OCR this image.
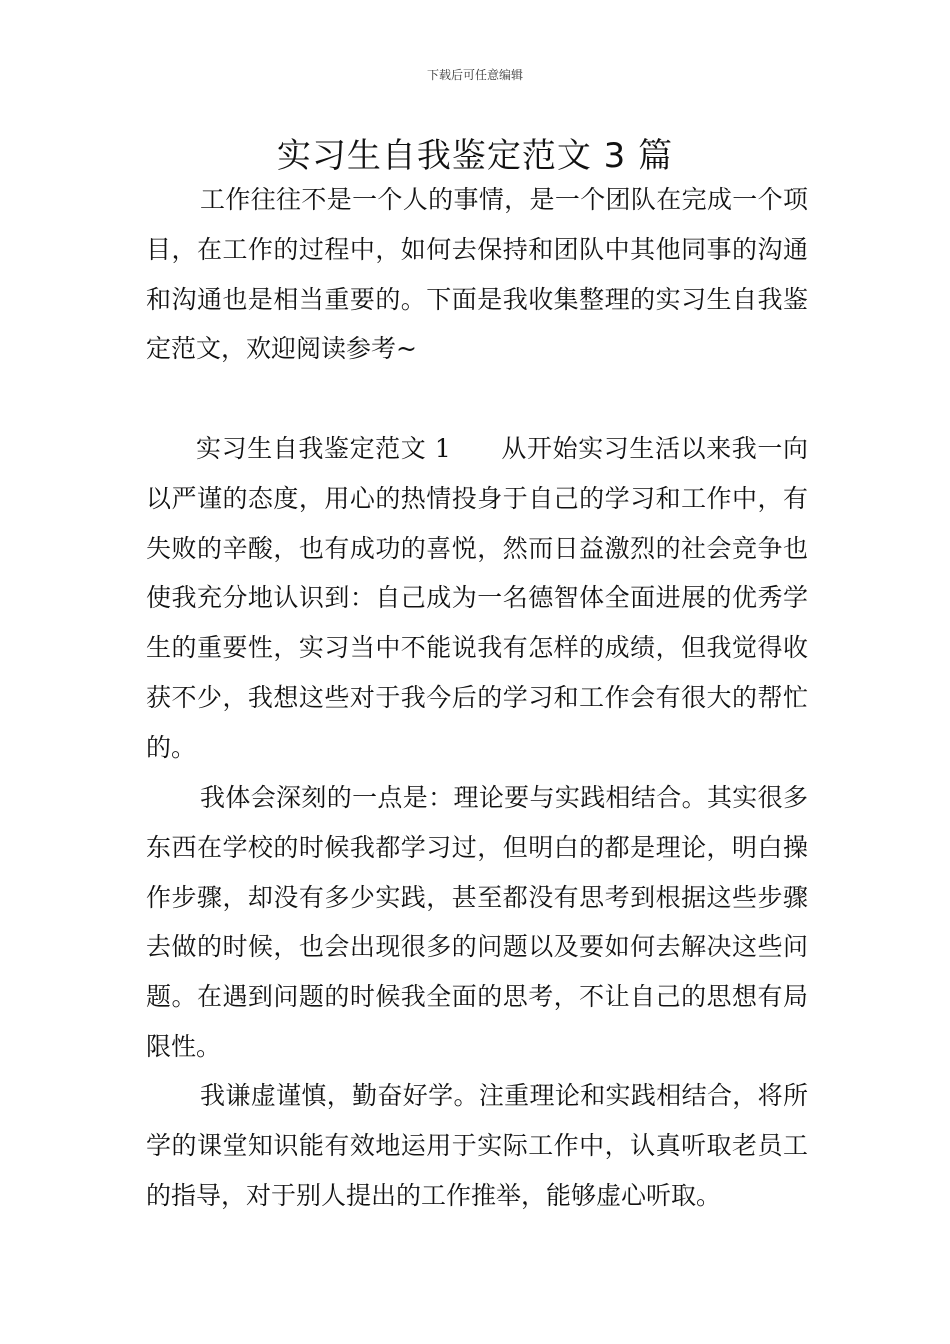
下载后可任意编辑
实习生自我鉴定范文 3 篇

工作往往不是一个人的事情，是一个团队在完成一个项目，在工作的过程中，如何去保持和团队中其他同事的沟通和沟通也是相当重要的。下面是我收集整理的实习生自我鉴定范文，欢迎阅读参考~

实习生自我鉴定范文 1   从开始实习生活以来我一向以严谨的态度，用心的热情投身于自己的学习和工作中，有失败的辛酸，也有成功的喜悦，然而日益激烈的社会竞争也使我充分地认识到：自己成为一名德智体全面进展的优秀学生的重要性，实习当中不能说我有怎样的成绩，但我觉得收获不少，我想这些对于我今后的学习和工作会有很大的帮忙的。

我体会深刻的一点是：理论要与实践相结合。其实很多东西在学校的时候我都学习过，但明白的都是理论，明白操作步骤，却没有多少实践，甚至都没有思考到根据这些步骤去做的时候，也会出现很多的问题以及要如何去解决这些问题。在遇到问题的时候我全面的思考，不让自己的思想有局限性。

我谦虚谨慎，勤奋好学。注重理论和实践相结合，将所学的课堂知识能有效地运用于实际工作中，认真听取老员工的指导，对于别人提出的工作推举，能够虚心听取。
